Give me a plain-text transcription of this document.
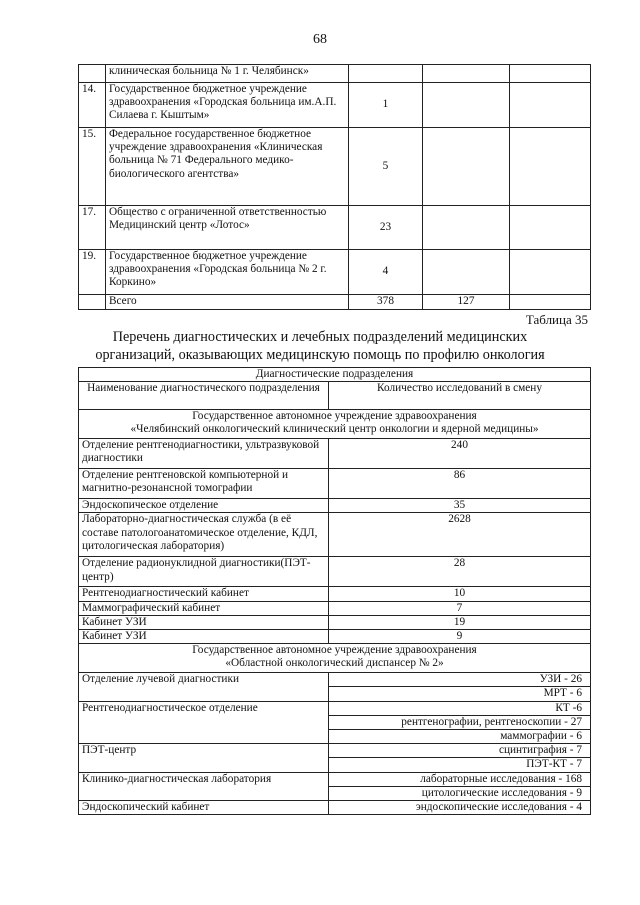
68
	клиническая больница № 1 г. Челябинск»			
14.	Государственное бюджетное учреждение здравоохранения «Городская больница им.А.П. Силаева г. Кыштым»	1		
15.	Федеральное государственное бюджетное учреждение здравоохранения «Клиническая больница № 71 Федерального медико-биологического агентства»	5		
17.	Общество с ограниченной ответственностью Медицинский центр «Лотос»	23		
19.	Государственное бюджетное учреждение здравоохранения «Городская больница № 2 г. Коркино»	4		
	Всего	378	127	
Таблица 35
Перечень диагностических и лечебных подразделений медицинских
организаций, оказывающих медицинскую помощь по профилю онкология
Диагностические подразделения	
Наименование диагностического подразделения	Количество исследований в смену

Государственное автономное учреждение здравоохранения
«Челябинский онкологический клинический центр онкологии и ядерной медицины»	

Отделение рентгенодиагностики, ультразвуковой диагностики	240
Отделение рентгеновской компьютерной и магнитно-резонансной томографии	86
Эндоскопическое отделение	35
Лабораторно-диагностическая служба (в её составе патологоанатомическое отделение, КДЛ, цитологическая лаборатория)	2628
Отделение радионуклидной диагностики(ПЭТ-центр)	28
Рентгенодиагностический кабинет	10
Маммографический кабинет	7
Кабинет УЗИ	19
Кабинет УЗИ	9

Государственное автономное учреждение здравоохранения
«Областной онкологический диспансер № 2»	

Отделение лучевой диагностики	УЗИ - 26
	МРТ - 6
Рентгенодиагностическое отделение	КТ -6
	рентгенографии, рентгеноскопии - 27
	маммографии - 6
ПЭТ-центр	сцинтиграфия - 7
	ПЭТ-КТ - 7
Клинико-диагностическая лаборатория	лабораторные исследования - 168
	цитологические исследования - 9
Эндоскопический кабинет	эндоскопические исследования - 4
